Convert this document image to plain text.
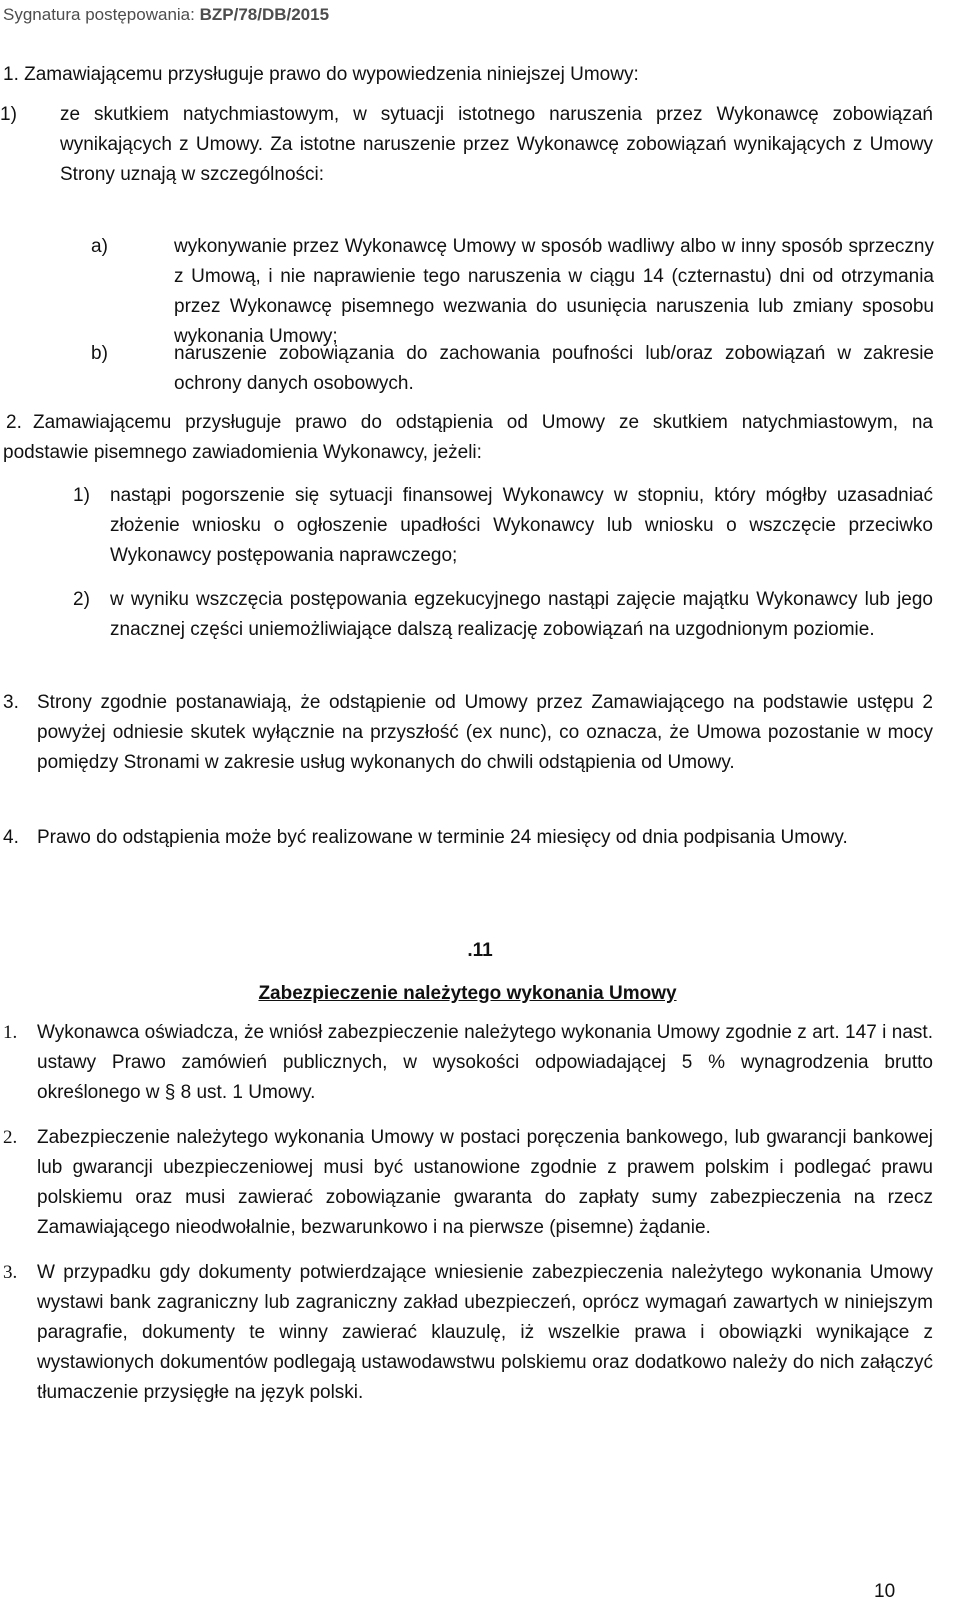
Sygnatura postępowania: BZP/78/DB/2015
1. Zamawiającemu przysługuje prawo do wypowiedzenia niniejszej Umowy:
1) ze skutkiem natychmiastowym, w sytuacji istotnego naruszenia przez Wykonawcę zobowiązań wynikających z Umowy. Za istotne naruszenie przez Wykonawcę zobowiązań wynikających z Umowy Strony uznają w szczególności:
a)	wykonywanie przez Wykonawcę Umowy w sposób wadliwy albo w inny sposób sprzeczny z Umową, i nie naprawienie tego naruszenia w ciągu 14 (czternastu) dni od otrzymania przez Wykonawcę pisemnego wezwania do usunięcia naruszenia lub zmiany sposobu wykonania Umowy;
b)	naruszenie zobowiązania do zachowania poufności lub/oraz zobowiązań w zakresie ochrony danych osobowych.
2. Zamawiającemu przysługuje prawo do odstąpienia od Umowy ze skutkiem natychmiastowym, na podstawie pisemnego zawiadomienia Wykonawcy, jeżeli:
1) nastąpi pogorszenie się sytuacji finansowej Wykonawcy w stopniu, który mógłby uzasadniać złożenie wniosku o ogłoszenie upadłości Wykonawcy lub wniosku o wszczęcie przeciwko Wykonawcy postępowania naprawczego;
2) w wyniku wszczęcia postępowania egzekucyjnego nastąpi zajęcie majątku Wykonawcy lub jego znacznej części uniemożliwiające dalszą realizację zobowiązań na uzgodnionym poziomie.
3. Strony zgodnie postanawiają, że odstąpienie od Umowy przez Zamawiającego na podstawie ustępu 2 powyżej odniesie skutek wyłącznie na przyszłość (ex nunc), co oznacza, że Umowa pozostanie w mocy pomiędzy Stronami w zakresie usług wykonanych do chwili odstąpienia od Umowy.
4. Prawo do odstąpienia może być realizowane w terminie 24 miesięcy od dnia podpisania Umowy.
.11
Zabezpieczenie należytego wykonania Umowy
1. Wykonawca oświadcza, że wniósł zabezpieczenie należytego wykonania Umowy zgodnie z art. 147 i nast. ustawy Prawo zamówień publicznych, w wysokości odpowiadającej 5 % wynagrodzenia brutto określonego w § 8 ust. 1 Umowy.
2. Zabezpieczenie należytego wykonania Umowy w postaci poręczenia bankowego, lub gwarancji bankowej lub gwarancji ubezpieczeniowej musi być ustanowione zgodnie z prawem polskim i podlegać prawu polskiemu oraz musi zawierać zobowiązanie gwaranta do zapłaty sumy zabezpieczenia na rzecz Zamawiającego nieodwołalnie, bezwarunkowo i na pierwsze (pisemne) żądanie.
3. W przypadku gdy dokumenty potwierdzające wniesienie zabezpieczenia należytego wykonania Umowy wystawi bank zagraniczny lub zagraniczny zakład ubezpieczeń, oprócz wymagań zawartych w niniejszym paragrafie, dokumenty te winny zawierać klauzulę, iż wszelkie prawa i obowiązki wynikające z wystawionych dokumentów podlegają ustawodawstwu polskiemu oraz dodatkowo należy do nich załączyć tłumaczenie przysięgłe na język polski.
10
